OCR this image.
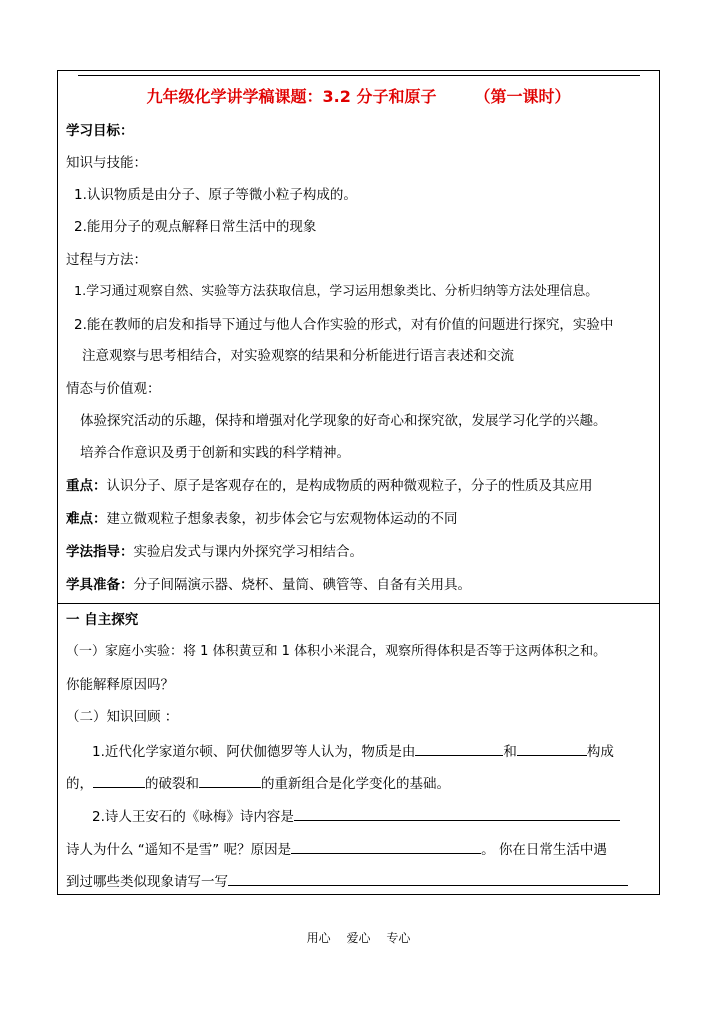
九年级化学讲学稿课题：3.2 分子和原子 （第一课时）
学习目标：
知识与技能：
1.认识物质是由分子、原子等微小粒子构成的。
2.能用分子的观点解释日常生活中的现象
过程与方法：
1.学习通过观察自然、实验等方法获取信息，学习运用想象类比、分析归纳等方法处理信息。
2.能在教师的启发和指导下通过与他人合作实验的形式，对有价值的问题进行探究，实验中
注意观察与思考相结合，对实验观察的结果和分析能进行语言表述和交流
情态与价值观：
体验探究活动的乐趣，保持和增强对化学现象的好奇心和探究欲，发展学习化学的兴趣。
培养合作意识及勇于创新和实践的科学精神。
重点：认识分子、原子是客观存在的，是构成物质的两种微观粒子，分子的性质及其应用
难点：建立微观粒子想象表象，初步体会它与宏观物体运动的不同
学法指导：实验启发式与课内外探究学习相结合。
学具准备：分子间隔演示器、烧杯、量筒、碘管等、自备有关用具。
一 自主探究
（一）家庭小实验：将 1 体积黄豆和 1 体积小米混合，观察所得体积是否等于这两体积之和。
你能解释原因吗？
（二）知识回顾 ：
1.近代化学家道尔顿、阿伏伽德罗等人认为，物质是由	和	构成
的，	的破裂和	的重新组合是化学变化的基础。
2.诗人王安石的《咏梅》诗内容是
诗人为什么 “遥知不是雪” 呢？原因是	。 你在日常生活中遇
到过哪些类似现象请写一写
用心 爱心 专心
